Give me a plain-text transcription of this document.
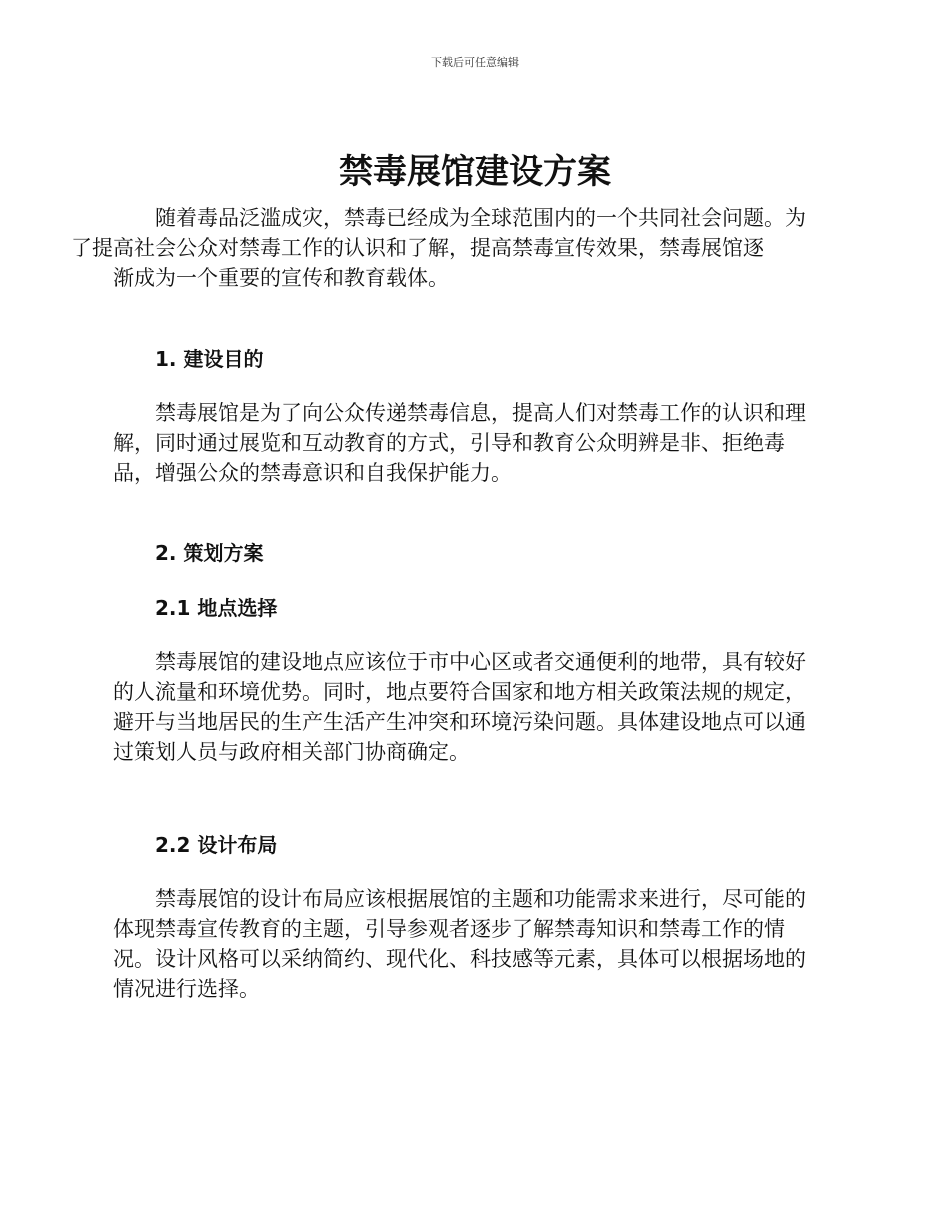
下载后可任意编辑
禁毒展馆建设方案

随着毒品泛滥成灾，禁毒已经成为全球范围内的一个共同社会问题。为
了提高社会公众对禁毒工作的认识和了解，提高禁毒宣传效果，禁毒展馆逐
渐成为一个重要的宣传和教育载体。

1. 建设目的

禁毒展馆是为了向公众传递禁毒信息，提高人们对禁毒工作的认识和理
解，同时通过展览和互动教育的方式，引导和教育公众明辨是非、拒绝毒
品，增强公众的禁毒意识和自我保护能力。

2. 策划方案
2.1 地点选择

禁毒展馆的建设地点应该位于市中心区或者交通便利的地带，具有较好
的人流量和环境优势。同时，地点要符合国家和地方相关政策法规的规定，
避开与当地居民的生产生活产生冲突和环境污染问题。具体建设地点可以通
过策划人员与政府相关部门协商确定。

2.2 设计布局

禁毒展馆的设计布局应该根据展馆的主题和功能需求来进行，尽可能的
体现禁毒宣传教育的主题，引导参观者逐步了解禁毒知识和禁毒工作的情
况。设计风格可以采纳简约、现代化、科技感等元素，具体可以根据场地的
情况进行选择。
